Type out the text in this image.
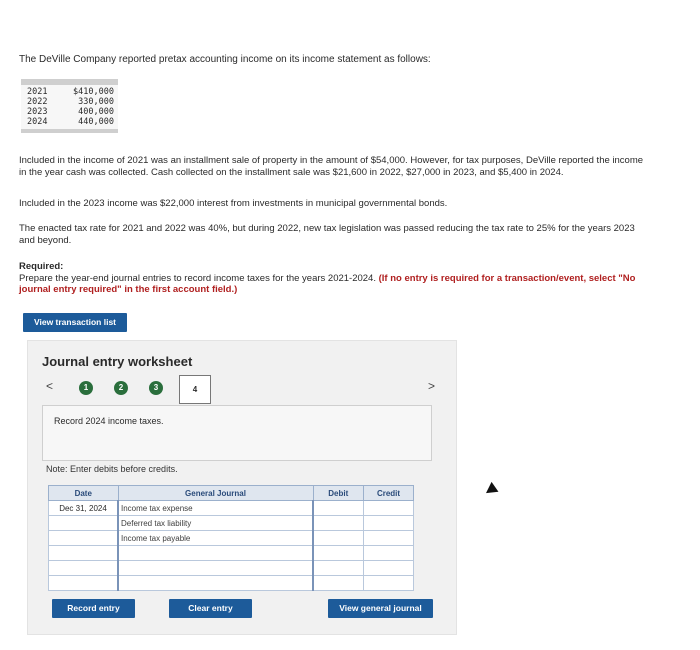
The DeVille Company reported pretax accounting income on its income statement as follows:
2021	$410,000
2022	330,000
2023	400,000
2024	440,000
Included in the income of 2021 was an installment sale of property in the amount of $54,000. However, for tax purposes, DeVille reported the income in the year cash was collected. Cash collected on the installment sale was $21,600 in 2022, $27,000 in 2023, and $5,400 in 2024.
Included in the 2023 income was $22,000 interest from investments in municipal governmental bonds.
The enacted tax rate for 2021 and 2022 was 40%, but during 2022, new tax legislation was passed reducing the tax rate to 25% for the years 2023 and beyond.
Required:
Prepare the year-end journal entries to record income taxes for the years 2021-2024. (If no entry is required for a transaction/event, select "No journal entry required" in the first account field.)
View transaction list
Journal entry worksheet
<	1	2	3	4	>
Record 2024 income taxes.
Note: Enter debits before credits.
Date	General Journal	Debit	Credit
Dec 31, 2024	Income tax expense		
	Deferred tax liability		
	Income tax payable		

Record entry	Clear entry	View general journal
